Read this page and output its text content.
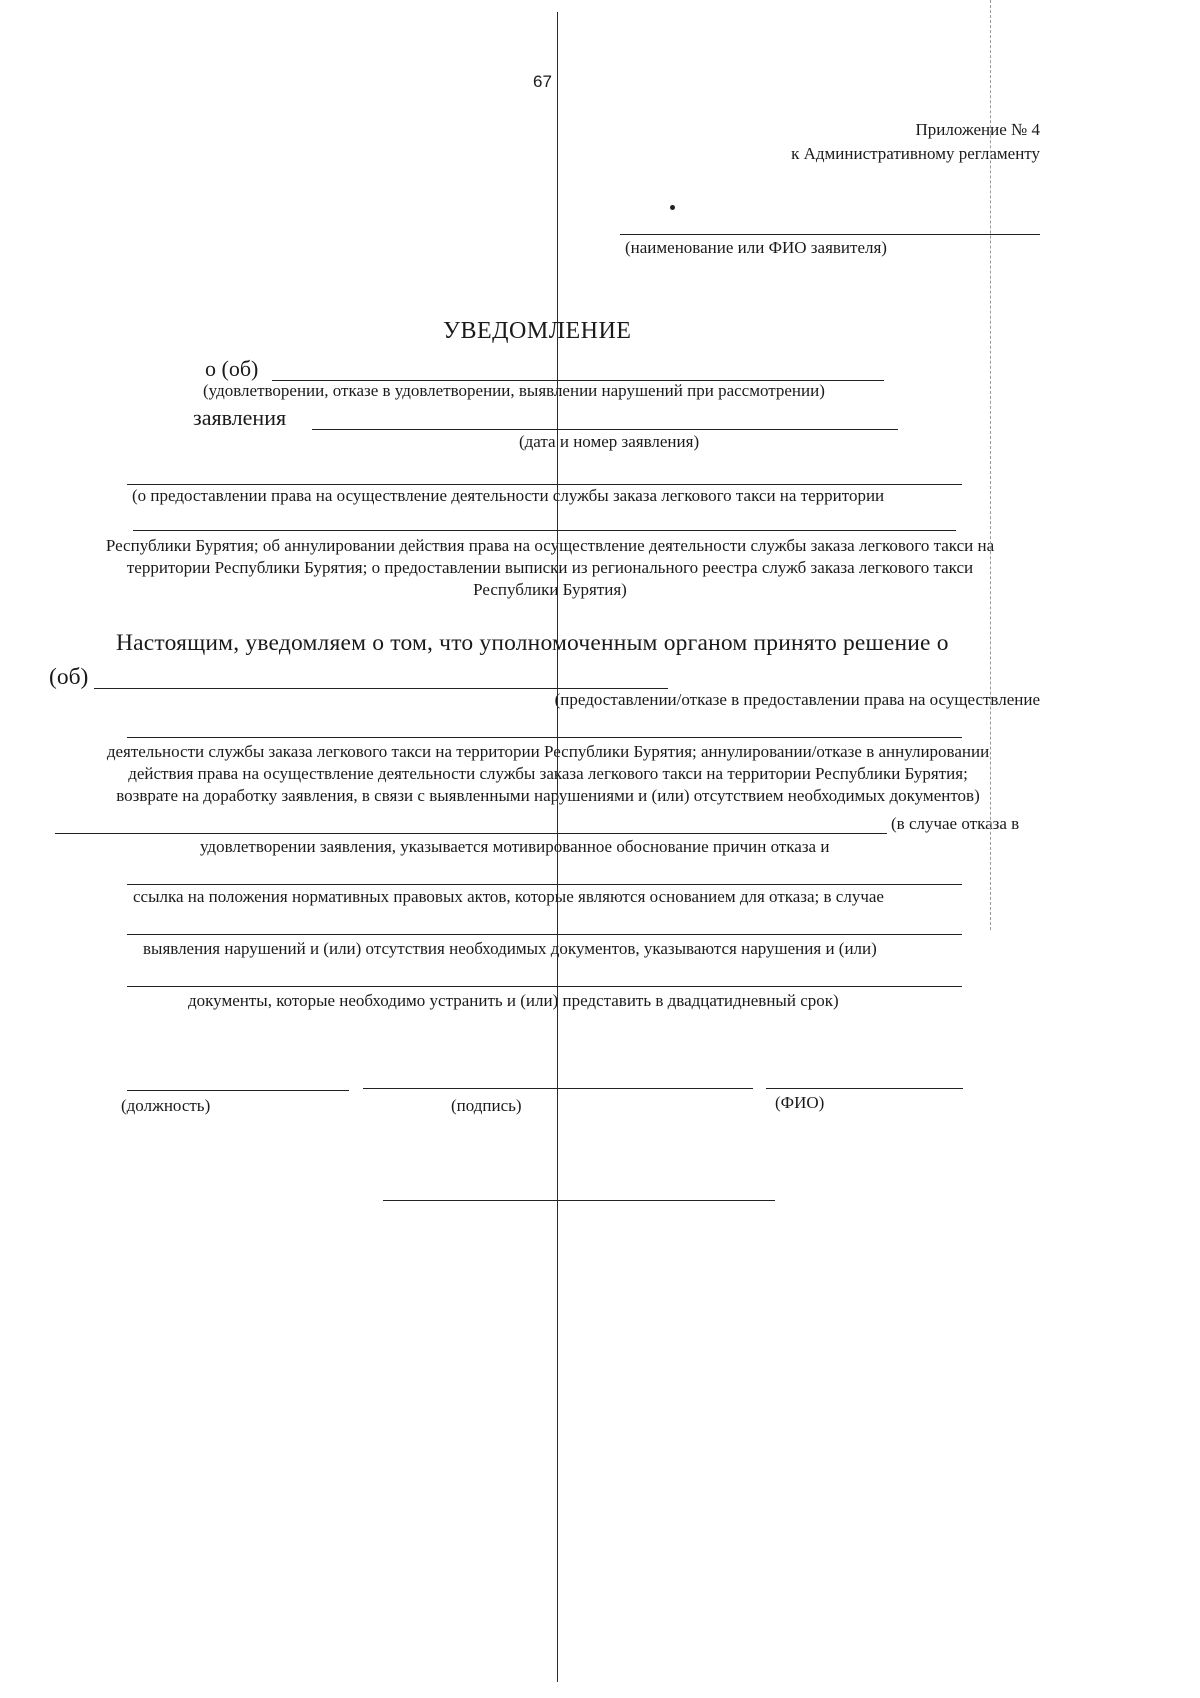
67
Приложение № 4
к Административному регламенту
(наименование или ФИО заявителя)
УВЕДОМЛЕНИЕ
о (об)
(удовлетворении, отказе в удовлетворении, выявлении нарушений при рассмотрении)
заявления
(дата и номер заявления)
(о предоставлении права на осуществление деятельности службы заказа легкового такси на территории
Республики Бурятия; об аннулировании действия права на осуществление деятельности службы заказа легкового такси на
территории Республики Бурятия; о предоставлении выписки из регионального реестра служб заказа легкового такси
Республики Бурятия)
Настоящим, уведомляем о том, что уполномоченным органом принято решение о
(об)
(предоставлении/отказе в предоставлении права на осуществление
деятельности службы заказа легкового такси на территории Республики Бурятия; аннулировании/отказе в аннулировании
действия права на осуществление деятельности службы заказа легкового такси на территории Республики Бурятия;
возврате на доработку заявления, в связи с выявленными нарушениями и (или) отсутствием необходимых документов)
(в случае отказа в
удовлетворении заявления, указывается мотивированное обоснование причин отказа и
ссылка на положения нормативных правовых актов, которые являются основанием для отказа; в случае
выявления нарушений и (или) отсутствия необходимых документов, указываются нарушения и (или)
документы, которые необходимо устранить и (или) представить в двадцатидневный срок)
(должность)	(подпись)	(ФИО)
